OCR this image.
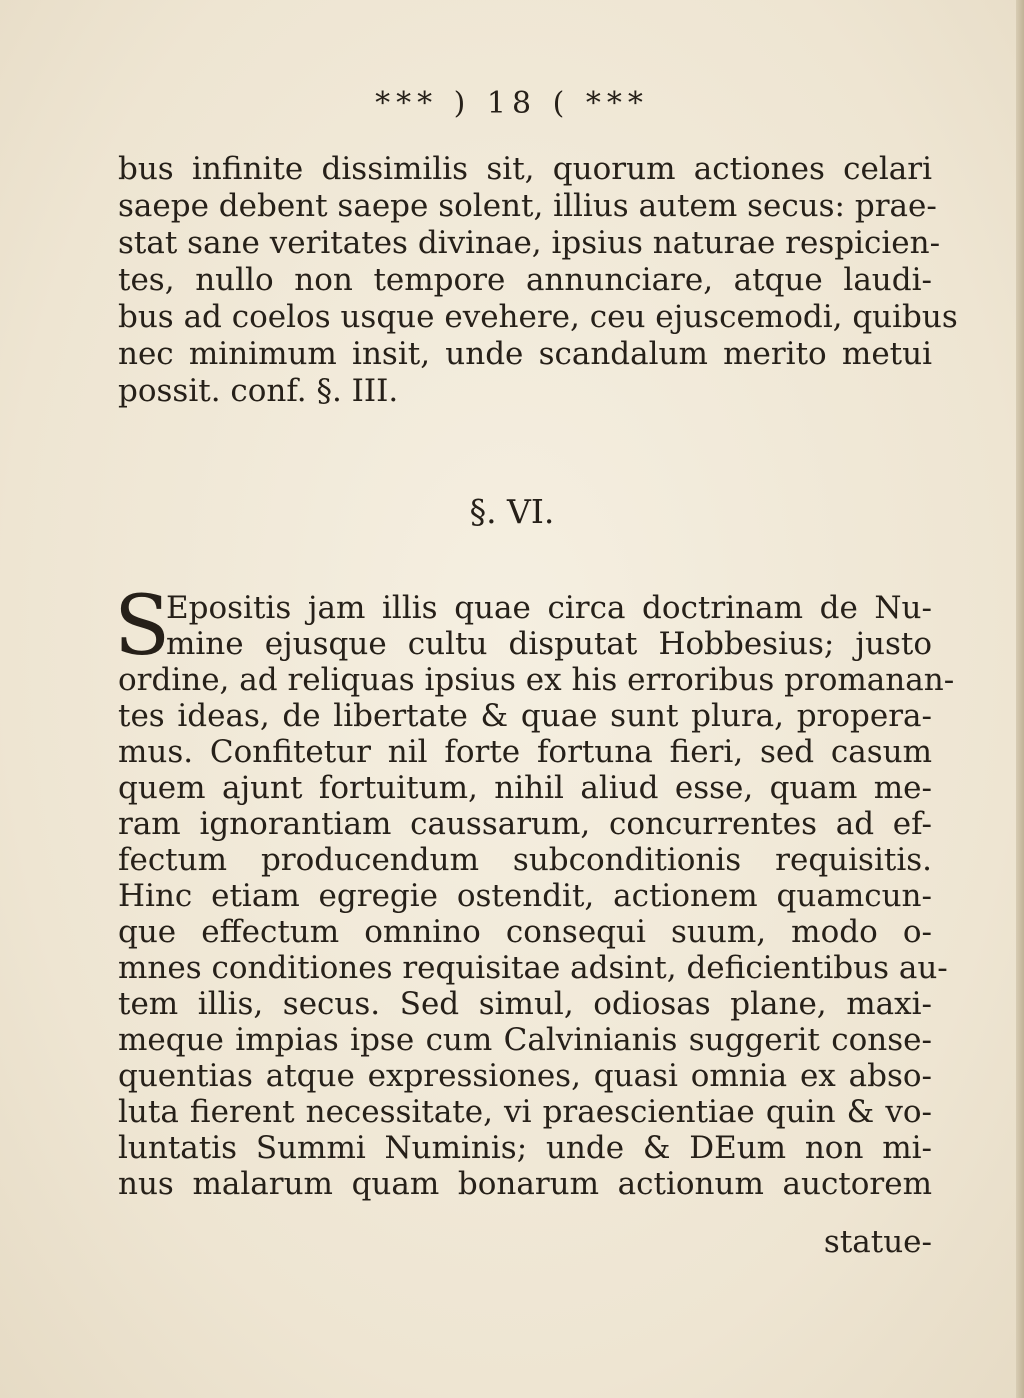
*** ) 18 ( ***
bus infinite dissimilis sit, quorum actiones celari
saepe debent saepe solent, illius autem secus: prae-
stat sane veritates divinae, ipsius naturae respicien-
tes, nullo non tempore annunciare, atque laudi-
bus ad coelos usque evehere, ceu ejuscemodi, quibus
nec minimum insit, unde scandalum merito metui
possit. conf. §. III.
§. VI.
S
Epositis jam illis quae circa doctrinam de Nu-
mine ejusque cultu disputat Hobbesius; justo
ordine, ad reliquas ipsius ex his erroribus promanan-
tes ideas, de libertate & quae sunt plura, propera-
mus. Confitetur nil forte fortuna fieri, sed casum
quem ajunt fortuitum, nihil aliud esse, quam me-
ram ignorantiam caussarum, concurrentes ad ef-
fectum producendum subconditionis requisitis.
Hinc etiam egregie ostendit, actionem quamcun-
que effectum omnino consequi suum, modo o-
mnes conditiones requisitae adsint, deficientibus au-
tem illis, secus. Sed simul, odiosas plane, maxi-
meque impias ipse cum Calvinianis suggerit conse-
quentias atque expressiones, quasi omnia ex abso-
luta fierent necessitate, vi praescientiae quin & vo-
luntatis Summi Numinis; unde & DEum non mi-
nus malarum quam bonarum actionum auctorem
statue-
